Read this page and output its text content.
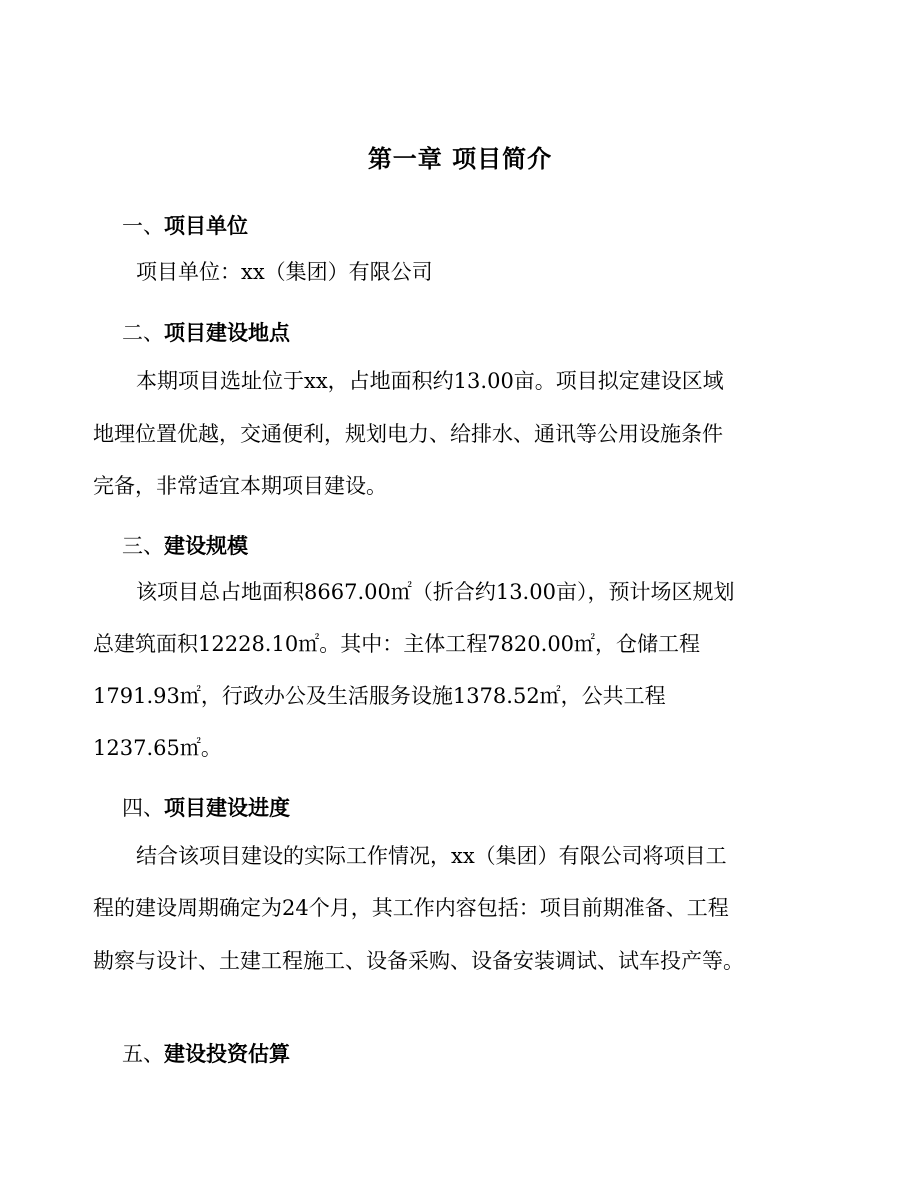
第一章 项目简介
一、项目单位
项目单位：xx（集团）有限公司
二、项目建设地点
本期项目选址位于xx，占地面积约13.00亩。项目拟定建设区域
地理位置优越，交通便利，规划电力、给排水、通讯等公用设施条件
完备，非常适宜本期项目建设。
三、建设规模
该项目总占地面积8667.00㎡（折合约13.00亩），预计场区规划
总建筑面积12228.10㎡。其中：主体工程7820.00㎡，仓储工程
1791.93㎡，行政办公及生活服务设施1378.52㎡，公共工程
1237.65㎡。
四、项目建设进度
结合该项目建设的实际工作情况，xx（集团）有限公司将项目工
程的建设周期确定为24个月，其工作内容包括：项目前期准备、工程
勘察与设计、土建工程施工、设备采购、设备安装调试、试车投产等。
五、建设投资估算
